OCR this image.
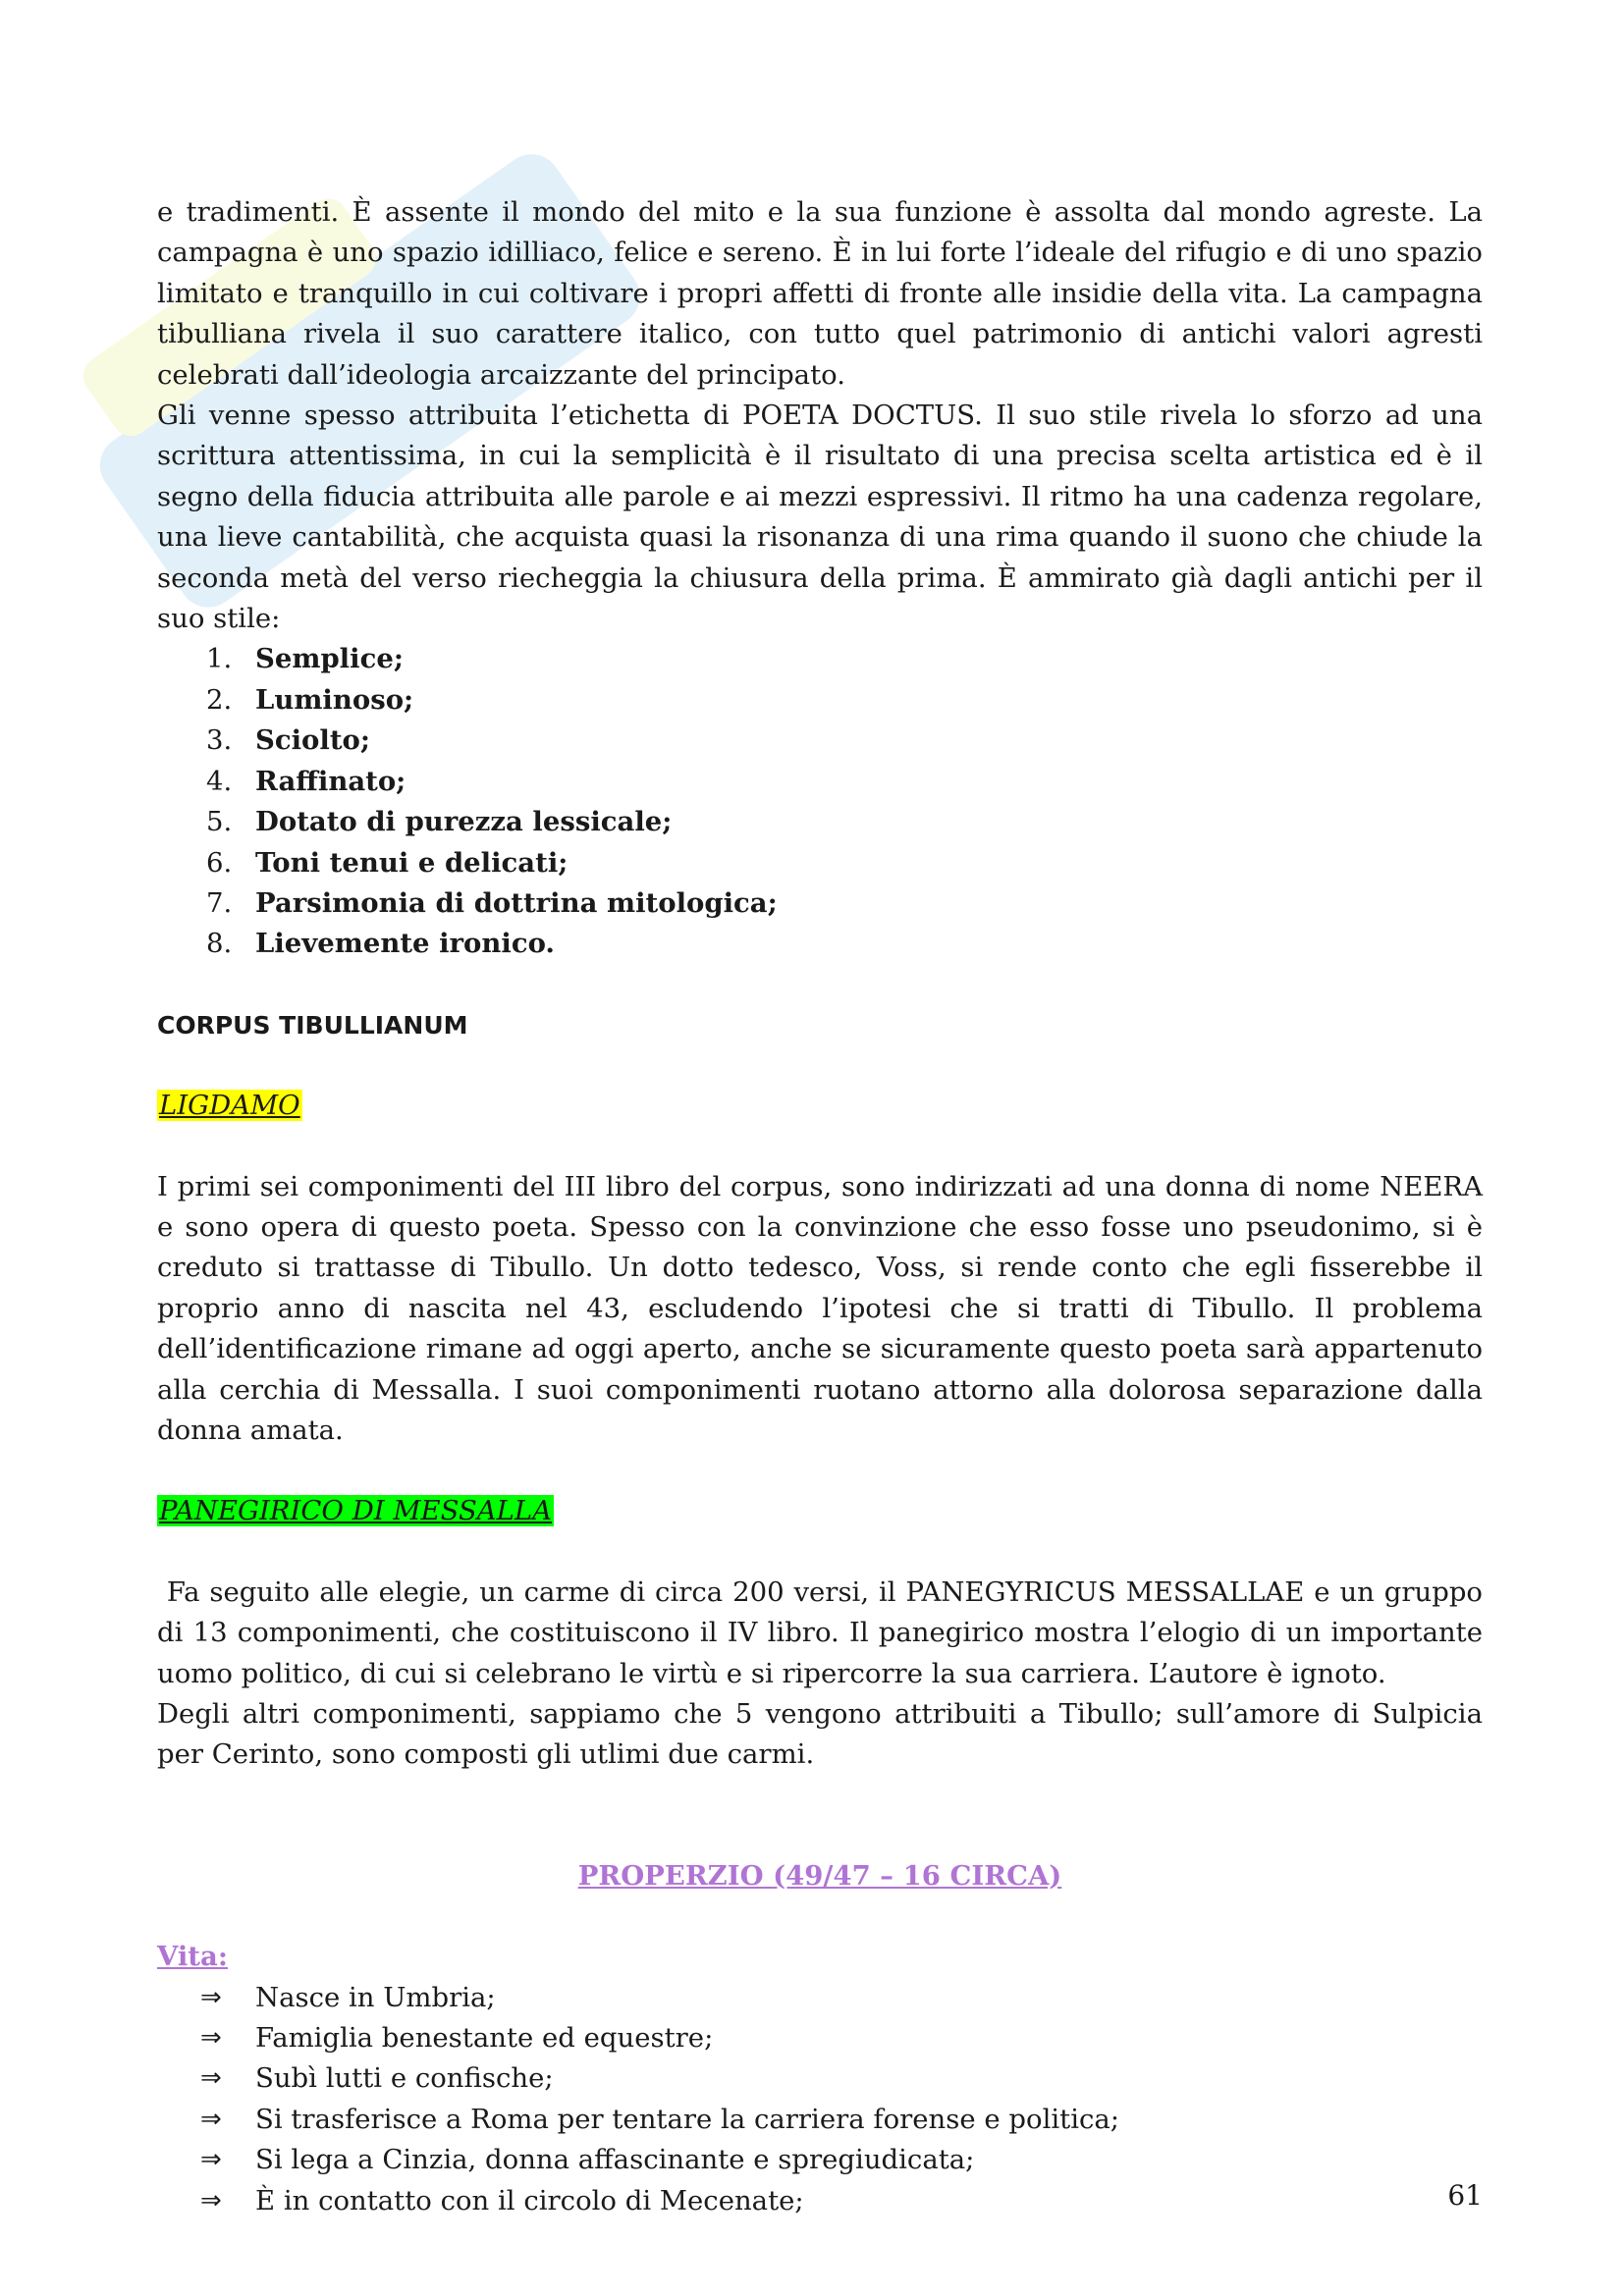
e tradimenti. È assente il mondo del mito e la sua funzione è assolta dal mondo agreste. La campagna è uno spazio idilliaco, felice e sereno. È in lui forte l’ideale del rifugio e di uno spazio limitato e tranquillo in cui coltivare i propri affetti di fronte alle insidie della vita. La campagna tibulliana rivela il suo carattere italico, con tutto quel patrimonio di antichi valori agresti celebrati dall’ideologia arcaizzante del principato.

Gli venne spesso attribuita l’etichetta di POETA DOCTUS. Il suo stile rivela lo sforzo ad una scrittura attentissima, in cui la semplicità è il risultato di una precisa scelta artistica ed è il segno della fiducia attribuita alle parole e ai mezzi espressivi. Il ritmo ha una cadenza regolare, una lieve cantabilità, che acquista quasi la risonanza di una rima quando il suono che chiude la seconda metà del verso riecheggia la chiusura della prima. È ammirato già dagli antichi per il suo stile:

1. Semplice;
2. Luminoso;
3. Sciolto;
4. Raffinato;
5. Dotato di purezza lessicale;
6. Toni tenui e delicati;
7. Parsimonia di dottrina mitologica;
8. Lievemente ironico.
CORPUS TIBULLIANUM
LIGDAMO

I primi sei componimenti del III libro del corpus, sono indirizzati ad una donna di nome NEERA e sono opera di questo poeta. Spesso con la convinzione che esso fosse uno pseudonimo, si è creduto si trattasse di Tibullo. Un dotto tedesco, Voss, si rende conto che egli fisserebbe il proprio anno di nascita nel 43, escludendo l’ipotesi che si tratti di Tibullo. Il problema dell’identificazione rimane ad oggi aperto, anche se sicuramente questo poeta sarà appartenuto alla cerchia di Messalla. I suoi componimenti ruotano attorno alla dolorosa separazione dalla donna amata.

PANEGIRICO DI MESSALLA

Fa seguito alle elegie, un carme di circa 200 versi, il PANEGYRICUS MESSALLAE e un gruppo di 13 componimenti, che costituiscono il IV libro. Il panegirico mostra l’elogio di un importante uomo politico, di cui si celebrano le virtù e si ripercorre la sua carriera. L’autore è ignoto.

Degli altri componimenti, sappiamo che 5 vengono attribuiti a Tibullo; sull’amore di Sulpicia per Cerinto, sono composti gli utlimi due carmi.

PROPERZIO (49/47 – 16 CIRCA)
Vita:
⇒ Nasce in Umbria;
⇒ Famiglia benestante ed equestre;
⇒ Subì lutti e confische;
⇒ Si trasferisce a Roma per tentare la carriera forense e politica;
⇒ Si lega a Cinzia, donna affascinante e spregiudicata;
⇒ È in contatto con il circolo di Mecenate;	61
